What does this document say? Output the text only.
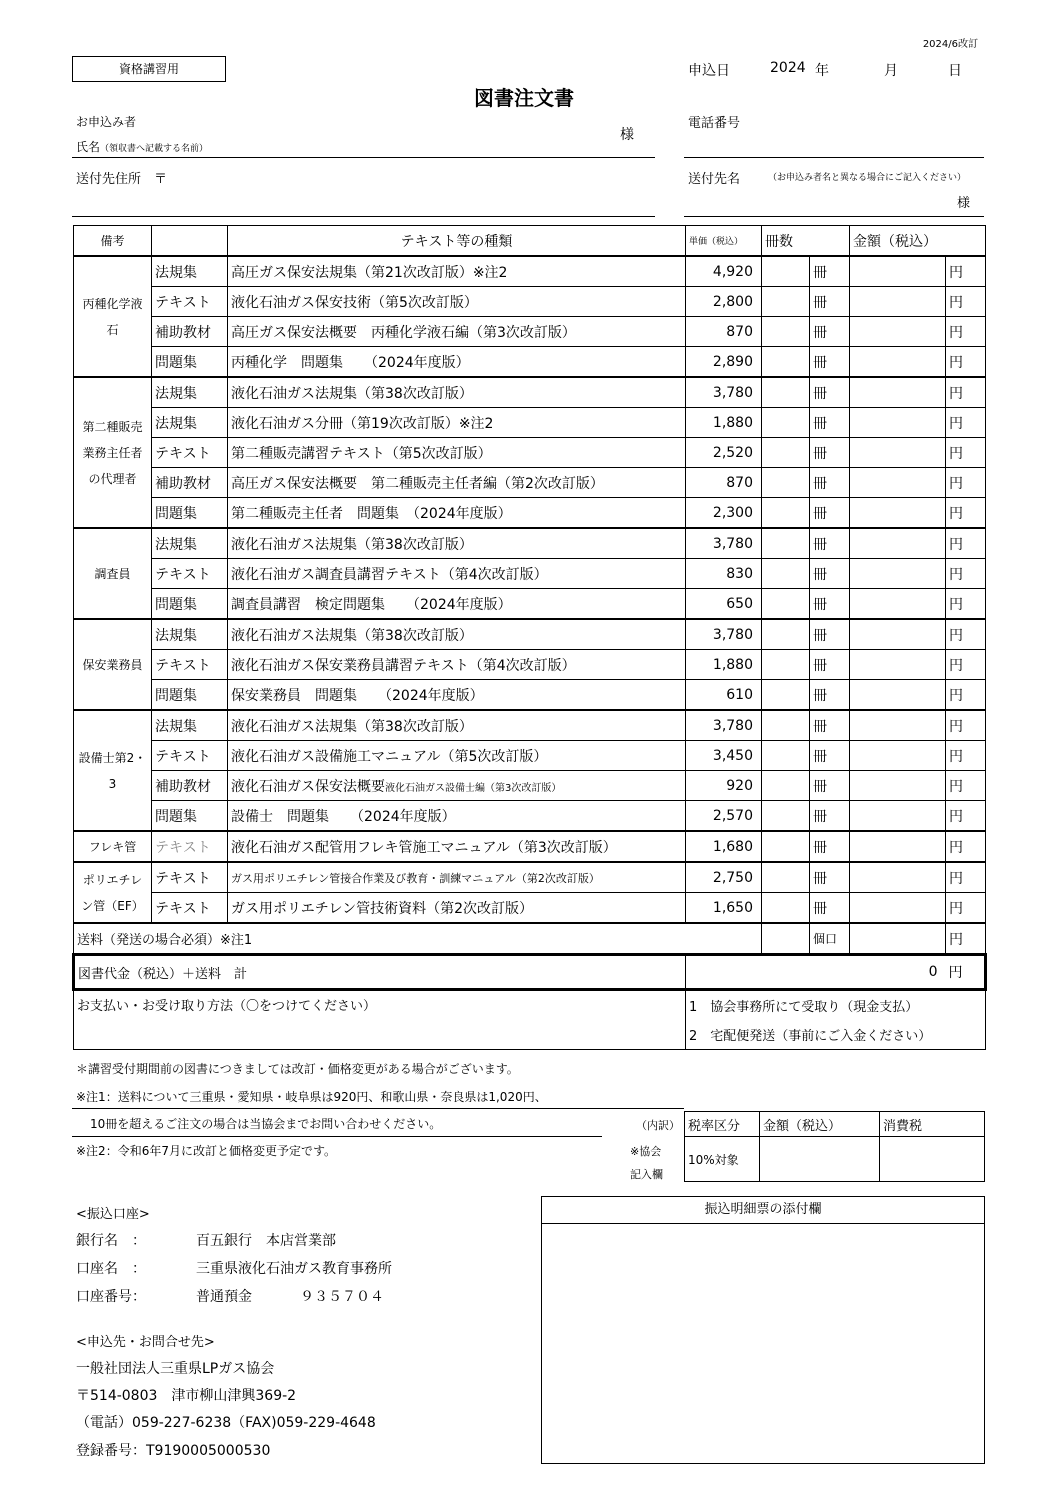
2024/6改訂
資格講習用
図書注文書
申込日	2024 年	月	日
お申込み者
氏名（領収書へ記載する名前）
様
電話番号
送付先住所　 〒	送付先名	（お申込み者名と異なる場合にご記入ください）
様
備考		テキスト等の種類	単価（税込）	冊数		金額（税込）	
丙種化学液石	法規集	高圧ガス保安法規集（第21次改訂版）※注2	4,920		冊		円
	テキスト	液化石油ガス保安技術（第5次改訂版）	2,800		冊		円
	補助教材	高圧ガス保安法概要　丙種化学液石編（第3次改訂版）	870		冊		円
	問題集	丙種化学　問題集　　（2024年度版）	2,890		冊		円
第二種販売業務主任者の代理者	法規集	液化石油ガス法規集（第38次改訂版）	3,780		冊		円
	法規集	液化石油ガス分冊（第19次改訂版）※注2	1,880		冊		円
	テキスト	第二種販売講習テキスト（第5次改訂版）	2,520		冊		円
	補助教材	高圧ガス保安法概要　第二種販売主任者編（第2次改訂版）	870		冊		円
	問題集	第二種販売主任者　問題集　（2024年度版）	2,300		冊		円
調査員	法規集	液化石油ガス法規集（第38次改訂版）	3,780		冊		円
	テキスト	液化石油ガス調査員講習テキスト（第4次改訂版）	830		冊		円
	問題集	調査員講習　検定問題集　　（2024年度版）	650		冊		円
保安業務員	法規集	液化石油ガス法規集（第38次改訂版）	3,780		冊		円
	テキスト	液化石油ガス保安業務員講習テキスト（第4次改訂版）	1,880		冊		円
	問題集	保安業務員　問題集　　（2024年度版）	610		冊		円
設備士第2・3	法規集	液化石油ガス法規集（第38次改訂版）	3,780		冊		円
	テキスト	液化石油ガス設備施工マニュアル（第5次改訂版）	3,450		冊		円
	補助教材	液化石油ガス保安法概要液化石油ガス設備士編（第3次改訂版）	920		冊		円
	問題集	設備士　問題集　　（2024年度版）	2,570		冊		円
フレキ管	テキスト	液化石油ガス配管用フレキ管施工マニュアル（第3次改訂版）	1,680		冊		円
ポリエチレン管（EF）	テキスト	ガス用ポリエチレン管接合作業及び教育・訓練マニュアル（第2次改訂版）	2,750		冊		円
	テキスト	ガス用ポリエチレン管技術資料（第2次改訂版）	1,650		冊		円
送料（発送の場合必須）※注1					個口		円
図書代金（税込）＋送料　計			0				円
お支払い・お受け取り方法（〇をつけてください）			1　協会事務所にて受取り（現金支払）				
			2　宅配便発送（事前にご入金ください）				
＊講習受付期間前の図書につきましては改訂・価格変更がある場合がございます。
※注1：送料について三重県・愛知県・岐阜県は920円、和歌山県・奈良県は1,020円、
10冊を超えるご注文の場合は当協会までお問い合わせください。
※注2：令和6年7月に改訂と価格変更予定です。
（内訳）
※協会
記入欄
税率区分	金額（税込）	消費税
10%対象		
<振込口座>
銀行名　：	百五銀行　本店営業部
口座名　：	三重県液化石油ガス教育事務所
口座番号：	普通預金	９３５７０４
<申込先・お問合せ先>
一般社団法人三重県LPガス協会
〒514-0803　津市柳山津興369-2
（電話）059-227-6238（FAX)059-229-4648
登録番号：T9190005000530
振込明細票の添付欄
